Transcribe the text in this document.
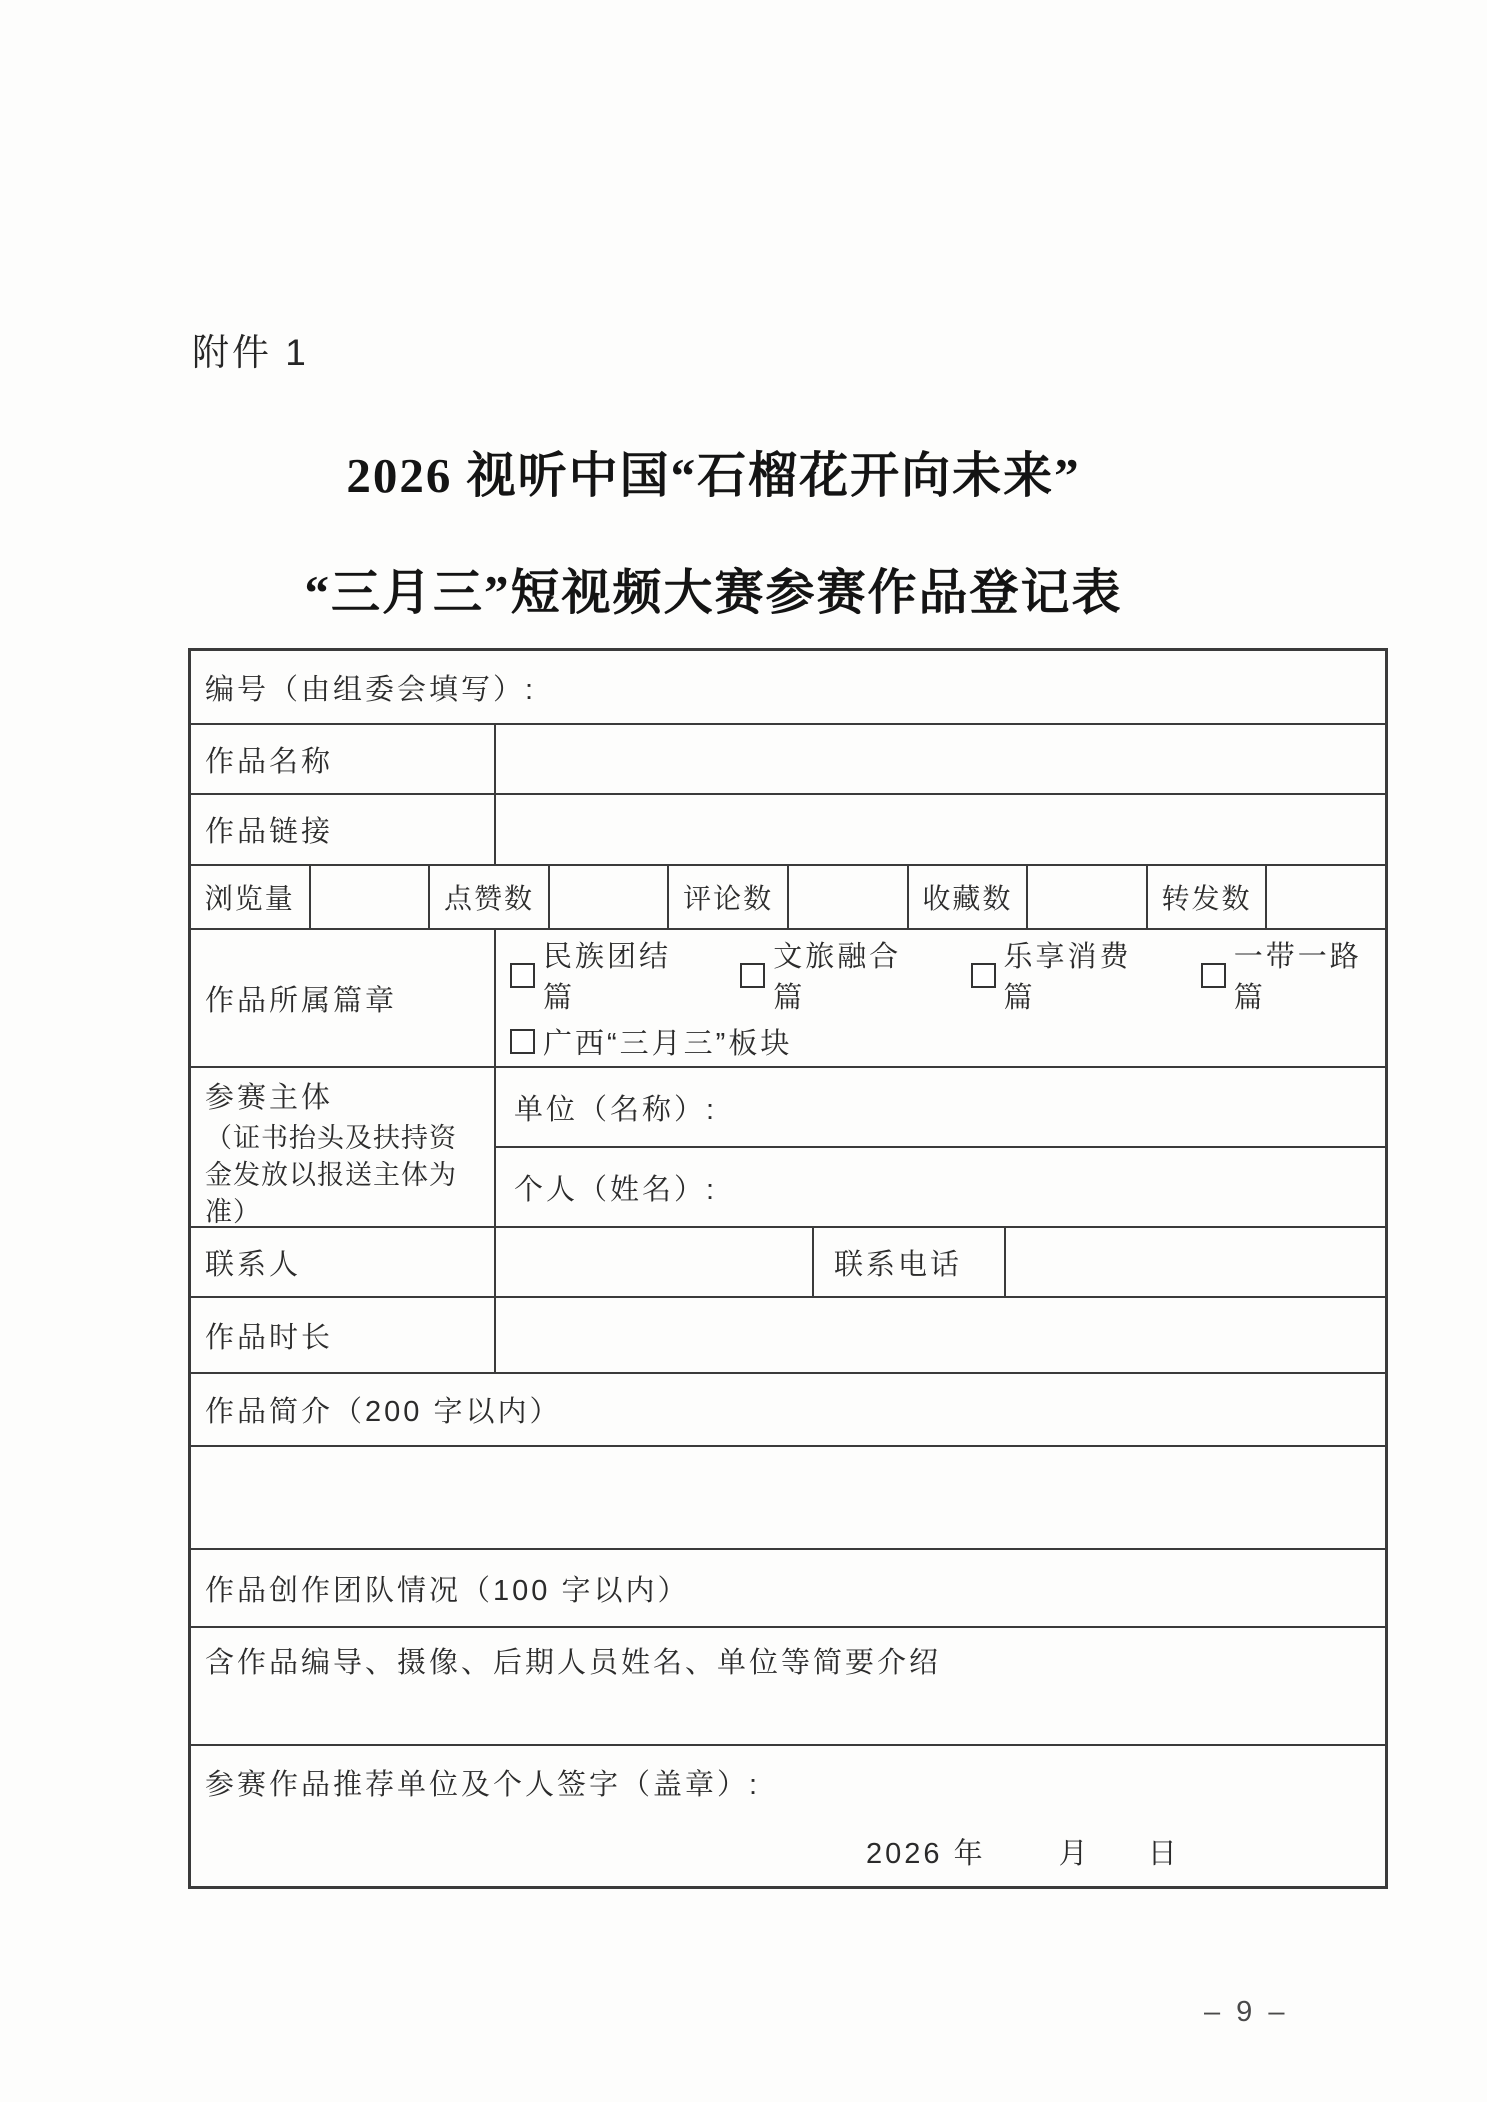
附件 1
2026 视听中国“石榴花开向未来”
“三月三”短视频大赛参赛作品登记表
编号（由组委会填写）:
作品名称
作品链接
浏览量	点赞数	评论数	收藏数	转发数
作品所属篇章
民族团结篇
文旅融合篇
乐享消费篇
一带一路篇
广西“三月三”板块
参赛主体
（证书抬头及扶持资
金发放以报送主体为
准）
单位（名称）:
个人（姓名）:
联系人	联系电话
作品时长
作品简介（200 字以内）
作品创作团队情况（100 字以内）
含作品编导、摄像、后期人员姓名、单位等简要介绍
参赛作品推荐单位及个人签字（盖章）:
2026 年	月 日
– 9 –
